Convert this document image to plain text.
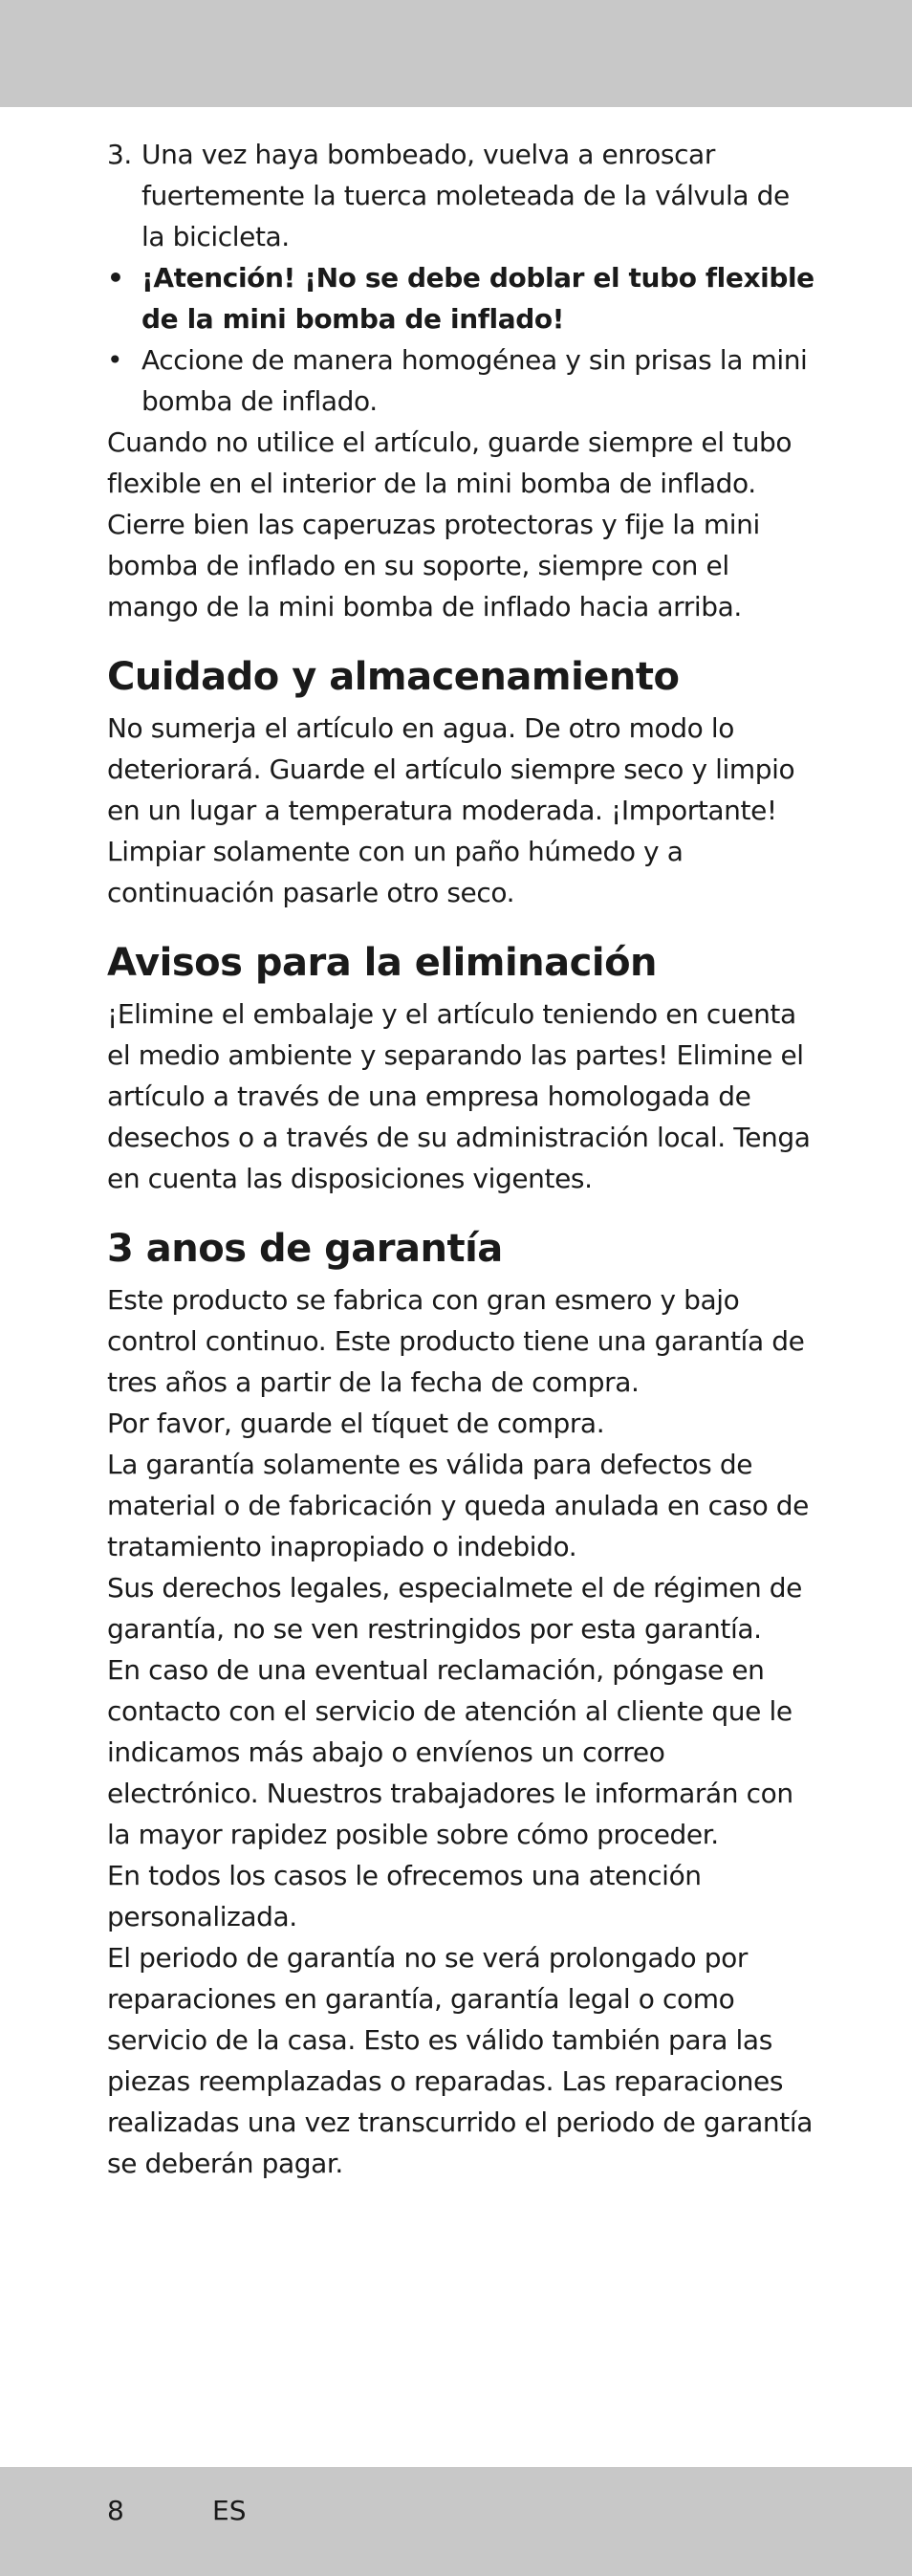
3. Una vez haya bombeado, vuelva a enroscar fuertemente la tuerca moleteada de la válvula de la bicicleta.
• ¡Atención! ¡No se debe doblar el tubo flexible de la mini bomba de inflado!
• Accione de manera homogénea y sin prisas la mini bomba de inflado.

Cuando no utilice el artículo, guarde siempre el tubo flexible en el interior de la mini bomba de inflado. Cierre bien las caperuzas protectoras y fije la mini bomba de inflado en su soporte, siempre con el mango de la mini bomba de inflado hacia arriba.

Cuidado y almacenamiento

No sumerja el artículo en agua. De otro modo lo deteriorará. Guarde el artículo siempre seco y limpio en un lugar a temperatura moderada. ¡Importante! Limpiar solamente con un paño húmedo y a continuación pasarle otro seco.

Avisos para la eliminación

¡Elimine el embalaje y el artículo teniendo en cuenta el medio ambiente y separando las partes! Elimine el artículo a través de una empresa homologada de desechos o a través de su administración local. Tenga en cuenta las disposiciones vigentes.

3 anos de garantía

Este producto se fabrica con gran esmero y bajo control continuo. Este producto tiene una garantía de tres años a partir de la fecha de compra.

Por favor, guarde el tíquet de compra.

La garantía solamente es válida para defectos de material o de fabricación y queda anulada en caso de tratamiento inapropiado o indebido.

Sus derechos legales, especialmete el de régimen de garantía, no se ven restringidos por esta garantía.

En caso de una eventual reclamación, póngase en contacto con el servicio de atención al cliente que le indicamos más abajo o envíenos un correo electrónico. Nuestros trabajadores le informarán con la mayor rapidez posible sobre cómo proceder.

En todos los casos le ofrecemos una atención personalizada.

El periodo de garantía no se verá prolongado por reparaciones en garantía, garantía legal o como servicio de la casa. Esto es válido también para las piezas reemplazadas o reparadas. Las reparaciones realizadas una vez transcurrido el periodo de garantía se deberán pagar.

8	ES
